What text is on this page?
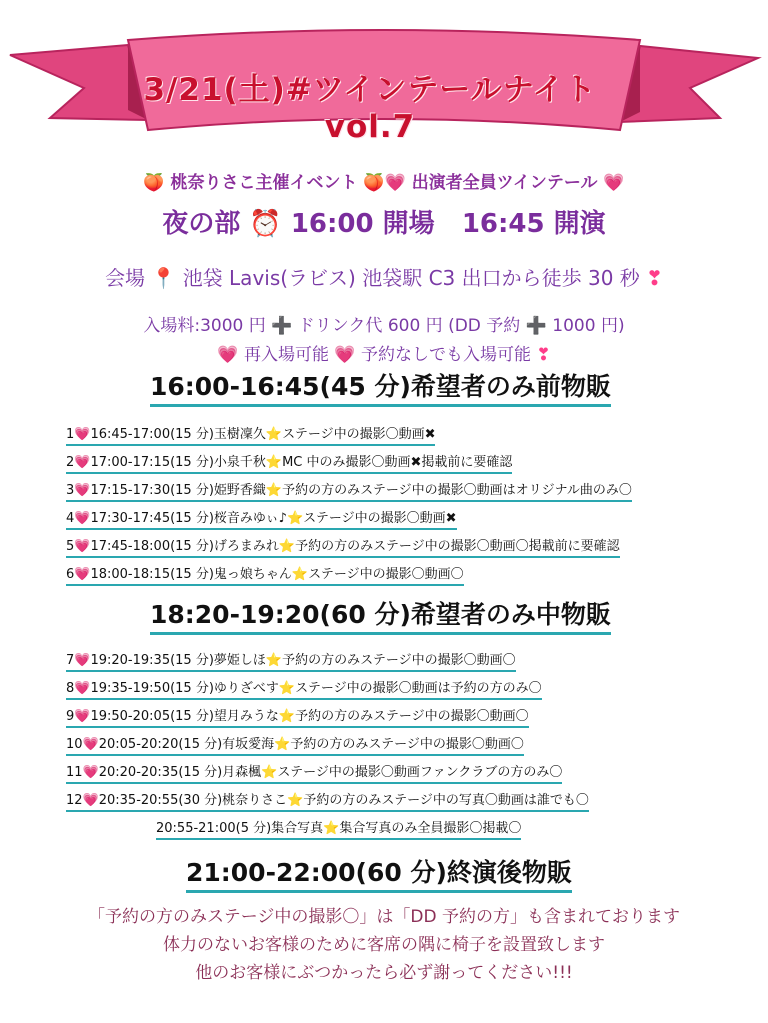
3/21(土)#ツインテールナイト vol.7
🍑 桃奈りさこ主催イベント 🍑💗 出演者全員ツインテール 💗
夜の部 ⏰ 16:00 開場 16:45 開演
会場 📍 池袋 Lavis(ラビス) 池袋駅 C3 出口から徒歩 30 秒 ❣
入場料:3000 円 ➕ ドリンク代 600 円 (DD 予約 ➕ 1000 円)
💗 再入場可能 💗 予約なしでも入場可能 ❣
16:00-16:45(45 分)希望者のみ前物販
18:20-19:20(60 分)希望者のみ中物販
21:00-22:00(60 分)終演後物販
1💗16:45-17:00(15 分)玉樹凜久⭐ステージ中の撮影〇動画✖
2💗17:00-17:15(15 分)小泉千秋⭐MC 中のみ撮影〇動画✖掲載前に要確認
3💗17:15-17:30(15 分)姫野香織⭐予約の方のみステージ中の撮影〇動画はオリジナル曲のみ〇
4💗17:30-17:45(15 分)桜音みゆぃ♪⭐ステージ中の撮影〇動画✖
5💗17:45-18:00(15 分)げろまみれ⭐予約の方のみステージ中の撮影〇動画〇掲載前に要確認
6💗18:00-18:15(15 分)鬼っ娘ちゃん⭐ステージ中の撮影〇動画〇
7💗19:20-19:35(15 分)夢姫しほ⭐予約の方のみステージ中の撮影〇動画〇
8💗19:35-19:50(15 分)ゆりざべす⭐ステージ中の撮影〇動画は予約の方のみ〇
9💗19:50-20:05(15 分)望月みうな⭐予約の方のみステージ中の撮影〇動画〇
10💗20:05-20:20(15 分)有坂愛海⭐予約の方のみステージ中の撮影〇動画〇
11💗20:20-20:35(15 分)月森楓⭐ステージ中の撮影〇動画ファンクラブの方のみ〇
12💗20:35-20:55(30 分)桃奈りさこ⭐予約の方のみステージ中の写真〇動画は誰でも〇
20:55-21:00(5 分)集合写真⭐集合写真のみ全員撮影〇掲載〇
「予約の方のみステージ中の撮影〇」は「DD 予約の方」も含まれております
体力のないお客様のために客席の隅に椅子を設置致します
他のお客様にぶつかったら必ず謝ってください!!!
